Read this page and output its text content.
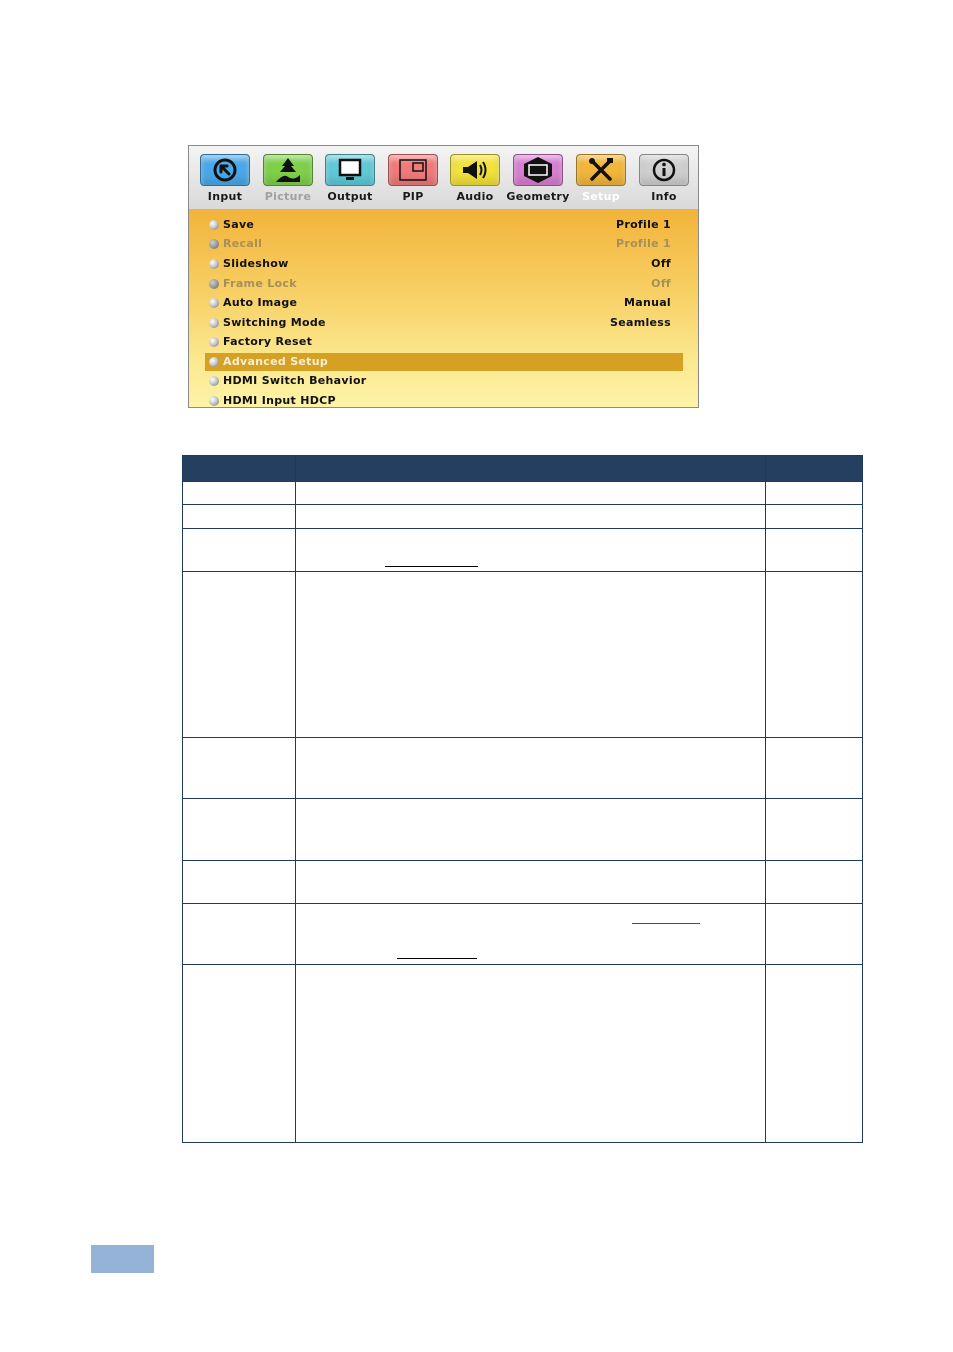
Input	Picture	Output	PIP	Audio	Geometry	Setup	Info
Save	Profile 1
Recall	Profile 1
Slideshow	Off
Frame Lock	Off
Auto Image	Manual
Switching Mode	Seamless
Factory Reset
Advanced Setup
HDMI Switch Behavior
HDMI Input HDCP
